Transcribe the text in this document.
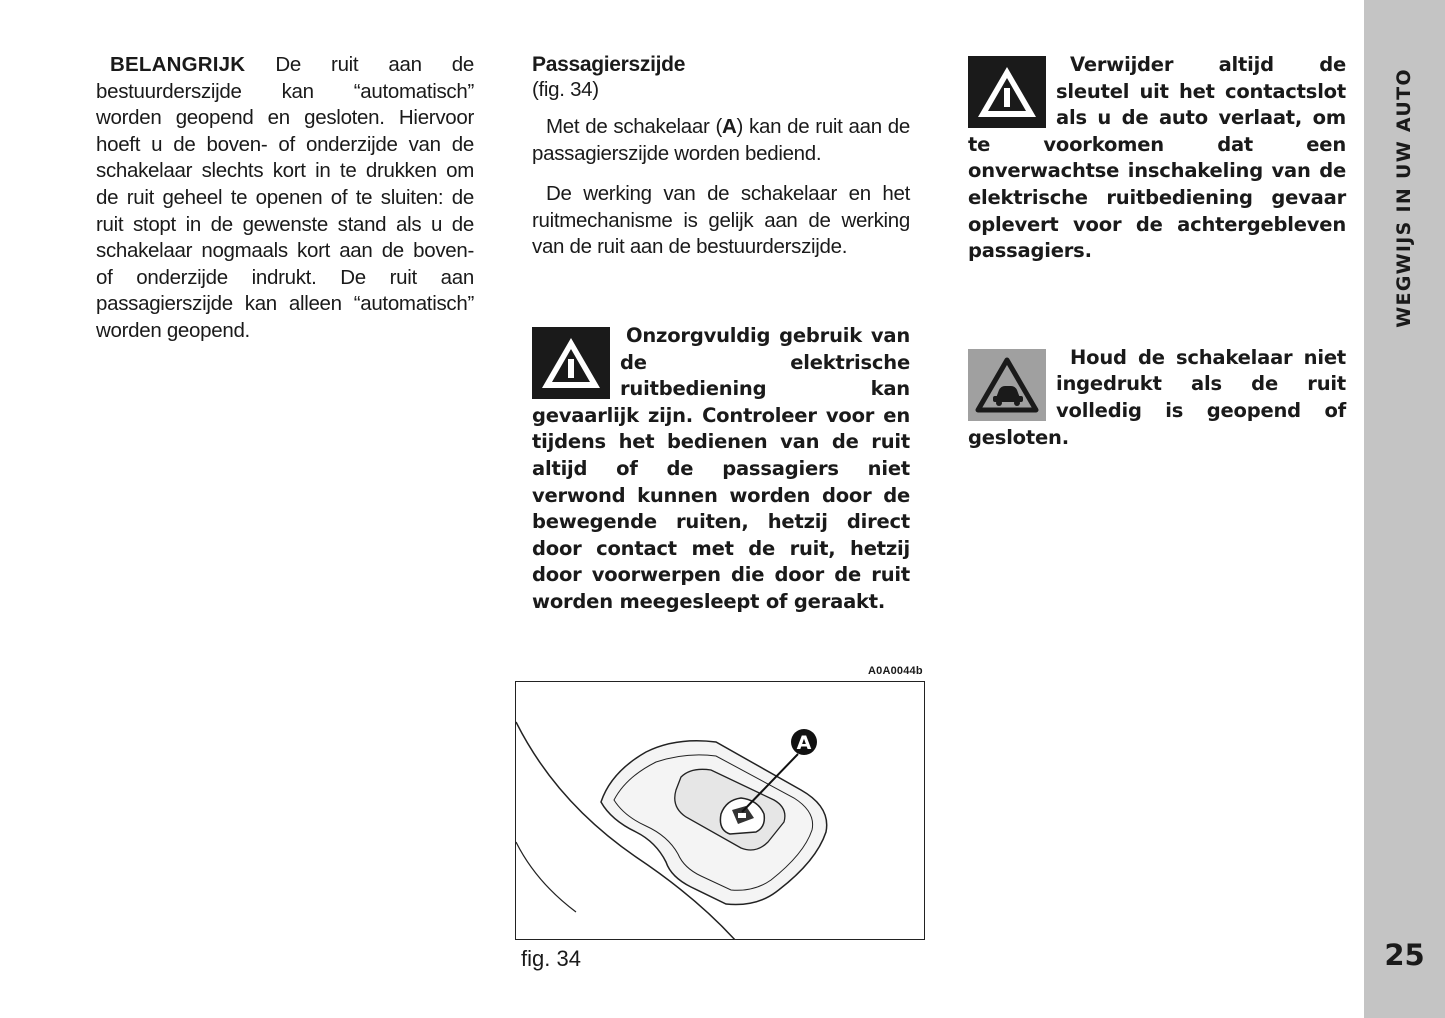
BELANGRIJK De ruit aan de bestuurderszijde kan “automatisch” worden geopend en gesloten. Hiervoor hoeft u de boven- of onderzijde van de schakelaar slechts kort in te drukken om de ruit geheel te openen of te sluiten: de ruit stopt in de gewenste stand als u de schakelaar nogmaals kort aan de boven- of onderzijde indrukt. De ruit aan passagierszijde kan alleen “automatisch” worden geopend.

Passagierszijde

(fig. 34)

Met de schakelaar (A) kan de ruit aan de passagierszijde worden bediend.

De werking van de schakelaar en het ruitmechanisme is gelijk aan de werking van de ruit aan de bestuurderszijde.

Onzorgvuldig gebruik van de elektrische ruitbediening kan gevaarlijk zijn. Controleer voor en tijdens het bedienen van de ruit altijd of de passagiers niet verwond kunnen worden door de bewegende ruiten, hetzij direct door contact met de ruit, hetzij door voorwerpen die door de ruit worden meegesleept of geraakt.
Verwijder altijd de sleutel uit het contactslot als u de auto verlaat, om te voorkomen dat een onverwachtse inschakeling van de elektrische ruitbediening gevaar oplevert voor de achtergebleven passagiers.
Houd de schakelaar niet ingedrukt als de ruit volledig is geopend of gesloten.
A0A0044b
A
fig. 34
WEGWIJS IN UW AUTO
25
